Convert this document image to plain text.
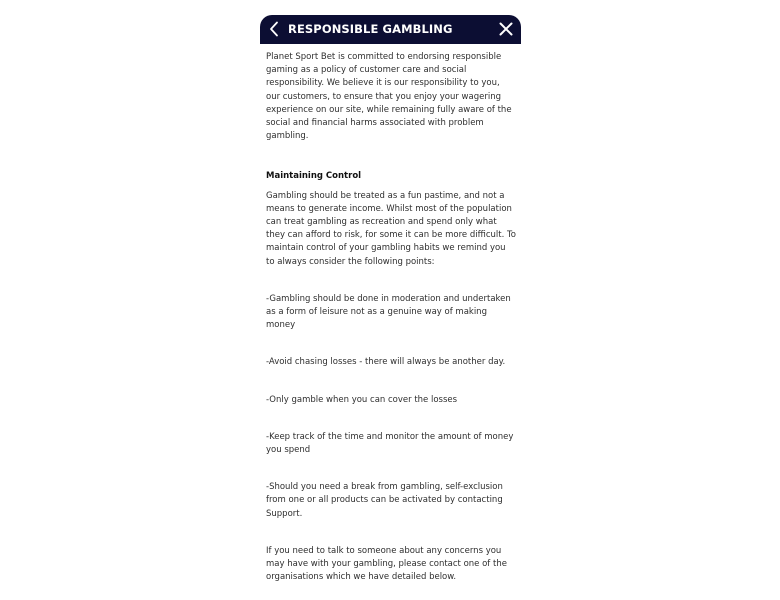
RESPONSIBLE GAMBLING

Planet Sport Bet is committed to endorsing responsible gaming as a policy of customer care and social responsibility. We believe it is our responsibility to you, our customers, to ensure that you enjoy your wagering experience on our site, while remaining fully aware of the social and financial harms associated with problem gambling.

Maintaining Control

Gambling should be treated as a fun pastime, and not a means to generate income. Whilst most of the population can treat gambling as recreation and spend only what they can afford to risk, for some it can be more difficult. To maintain control of your gambling habits we remind you to always consider the following points:

-Gambling should be done in moderation and undertaken as a form of leisure not as a genuine way of making money

-Avoid chasing losses - there will always be another day.

-Only gamble when you can cover the losses

-Keep track of the time and monitor the amount of money you spend

-Should you need a break from gambling, self-exclusion from one or all products can be activated by contacting Support.

If you need to talk to someone about any concerns you may have with your gambling, please contact one of the organisations which we have detailed below.
